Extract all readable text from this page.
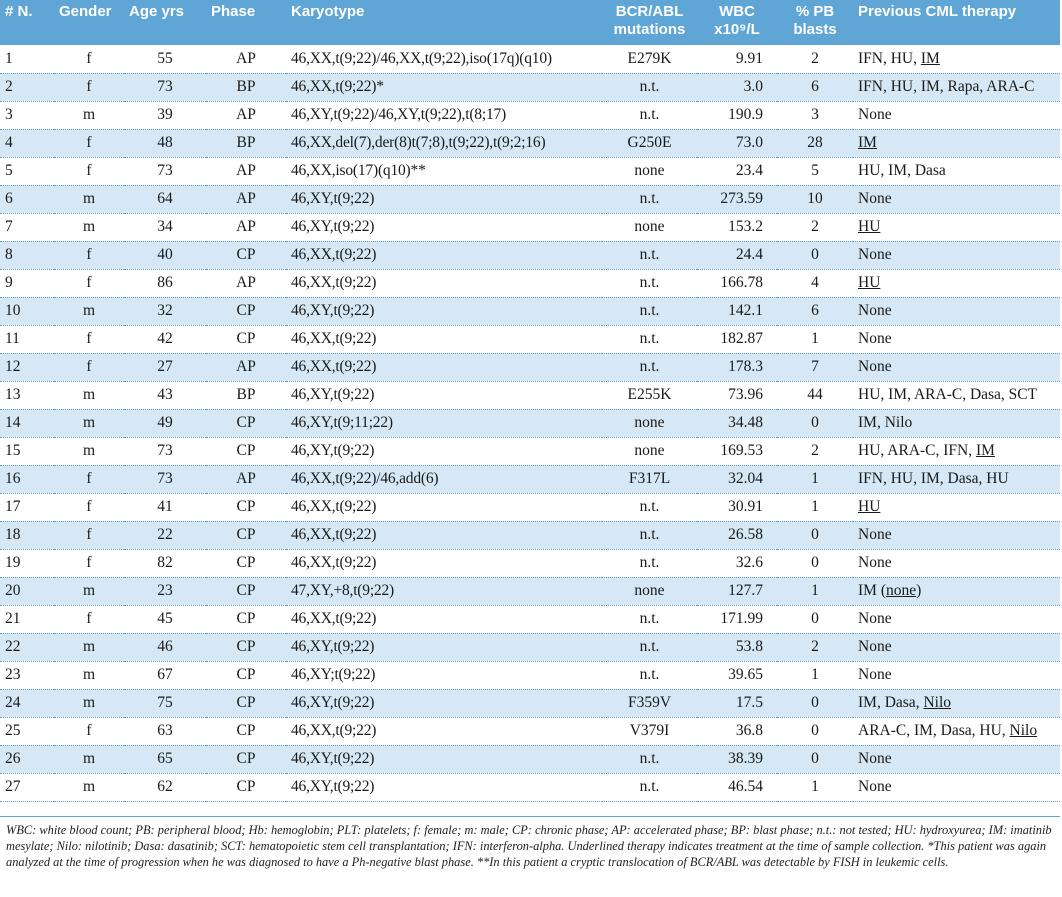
# N.	Gender	Age yrs	Phase	Karyotype	BCR/ABL mutations	WBC x10⁹/L	% PB blasts	Previous CML therapy
1	f	55	AP	46,XX,t(9;22)/46,XX,t(9;22),iso(17q)(q10)	E279K	9.91	2	IFN, HU, IM
2	f	73	BP	46,XX,t(9;22)*	n.t.	3.0	6	IFN, HU, IM, Rapa, ARA-C
3	m	39	AP	46,XY,t(9;22)/46,XY,t(9;22),t(8;17)	n.t.	190.9	3	None
4	f	48	BP	46,XX,del(7),der(8)t(7;8),t(9;22),t(9;2;16)	G250E	73.0	28	IM
5	f	73	AP	46,XX,iso(17)(q10)**	none	23.4	5	HU, IM, Dasa
6	m	64	AP	46,XY,t(9;22)	n.t.	273.59	10	None
7	m	34	AP	46,XY,t(9;22)	none	153.2	2	HU
8	f	40	CP	46,XX,t(9;22)	n.t.	24.4	0	None
9	f	86	AP	46,XX,t(9;22)	n.t.	166.78	4	HU
10	m	32	CP	46,XY,t(9;22)	n.t.	142.1	6	None
11	f	42	CP	46,XX,t(9;22)	n.t.	182.87	1	None
12	f	27	AP	46,XX,t(9;22)	n.t.	178.3	7	None
13	m	43	BP	46,XY,t(9;22)	E255K	73.96	44	HU, IM, ARA-C, Dasa, SCT
14	m	49	CP	46,XY,t(9;11;22)	none	34.48	0	IM, Nilo
15	m	73	CP	46,XY,t(9;22)	none	169.53	2	HU, ARA-C, IFN, IM
16	f	73	AP	46,XX,t(9;22)/46,add(6)	F317L	32.04	1	IFN, HU, IM, Dasa, HU
17	f	41	CP	46,XX,t(9;22)	n.t.	30.91	1	HU
18	f	22	CP	46,XX,t(9;22)	n.t.	26.58	0	None
19	f	82	CP	46,XX,t(9;22)	n.t.	32.6	0	None
20	m	23	CP	47,XY,+8,t(9;22)	none	127.7	1	IM (none)
21	f	45	CP	46,XX,t(9;22)	n.t.	171.99	0	None
22	m	46	CP	46,XY,t(9;22)	n.t.	53.8	2	None
23	m	67	CP	46,XY;t(9;22)	n.t.	39.65	1	None
24	m	75	CP	46,XY,t(9;22)	F359V	17.5	0	IM, Dasa, Nilo
25	f	63	CP	46,XX,t(9;22)	V379I	36.8	0	ARA-C, IM, Dasa, HU, Nilo
26	m	65	CP	46,XY,t(9;22)	n.t.	38.39	0	None
27	m	62	CP	46,XY,t(9;22)	n.t.	46.54	1	None
WBC: white blood count; PB: peripheral blood; Hb: hemoglobin; PLT: platelets; f: female; m: male; CP: chronic phase; AP: accelerated phase; BP: blast phase; n.t.: not tested; HU: hydroxyurea; IM: imatinib mesylate; Nilo: nilotinib; Dasa: dasatinib; SCT: hematopoietic stem cell transplantation; IFN: interferon-alpha. Underlined therapy indicates treatment at the time of sample collection. *This patient was again analyzed at the time of progression when he was diagnosed to have a Ph-negative blast phase. **In this patient a cryptic translocation of BCR/ABL was detectable by FISH in leukemic cells.
